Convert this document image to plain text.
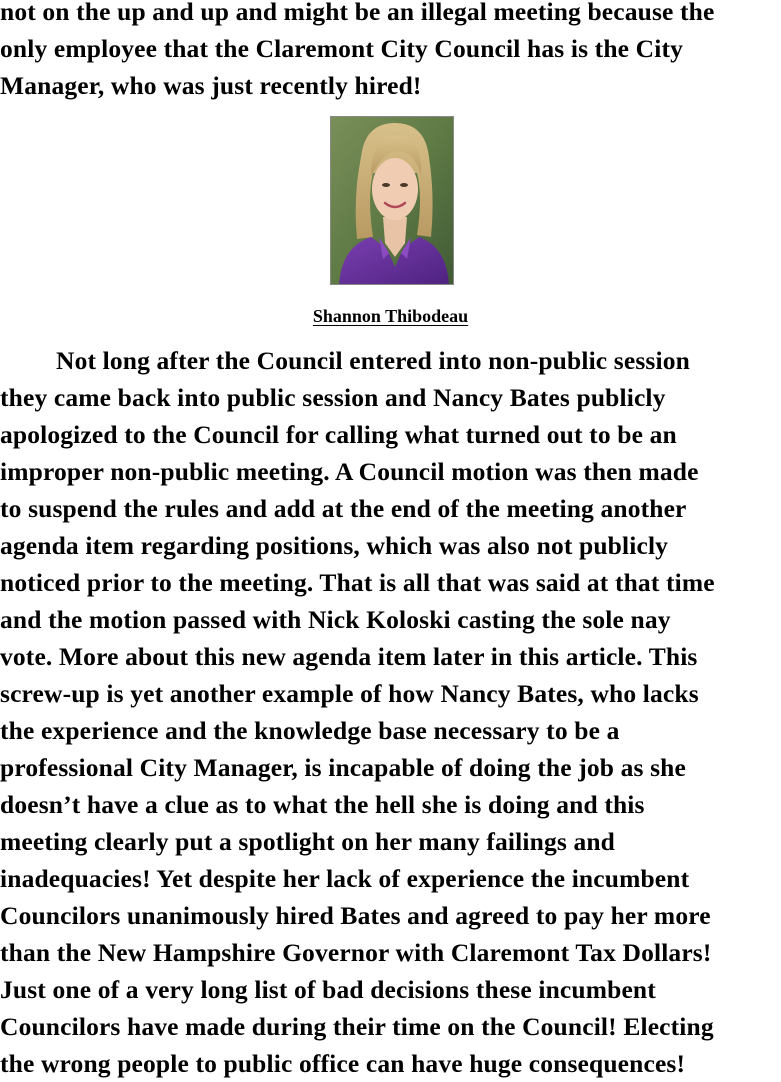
not on the up and up and might be an illegal meeting because the
only employee that the Claremont City Council has is the City
Manager, who was just recently hired!
Shannon Thibodeau
Not long after the Council entered into non-public session
they came back into public session and Nancy Bates publicly
apologized to the Council for calling what turned out to be an
improper non-public meeting. A Council motion was then made
to suspend the rules and add at the end of the meeting another
agenda item regarding positions, which was also not publicly
noticed prior to the meeting. That is all that was said at that time
and the motion passed with Nick Koloski casting the sole nay
vote. More about this new agenda item later in this article. This
screw-up is yet another example of how Nancy Bates, who lacks
the experience and the knowledge base necessary to be a
professional City Manager, is incapable of doing the job as she
doesn’t have a clue as to what the hell she is doing and this
meeting clearly put a spotlight on her many failings and
inadequacies! Yet despite her lack of experience the incumbent
Councilors unanimously hired Bates and agreed to pay her more
than the New Hampshire Governor with Claremont Tax Dollars!
Just one of a very long list of bad decisions these incumbent
Councilors have made during their time on the Council! Electing
the wrong people to public office can have huge consequences!
